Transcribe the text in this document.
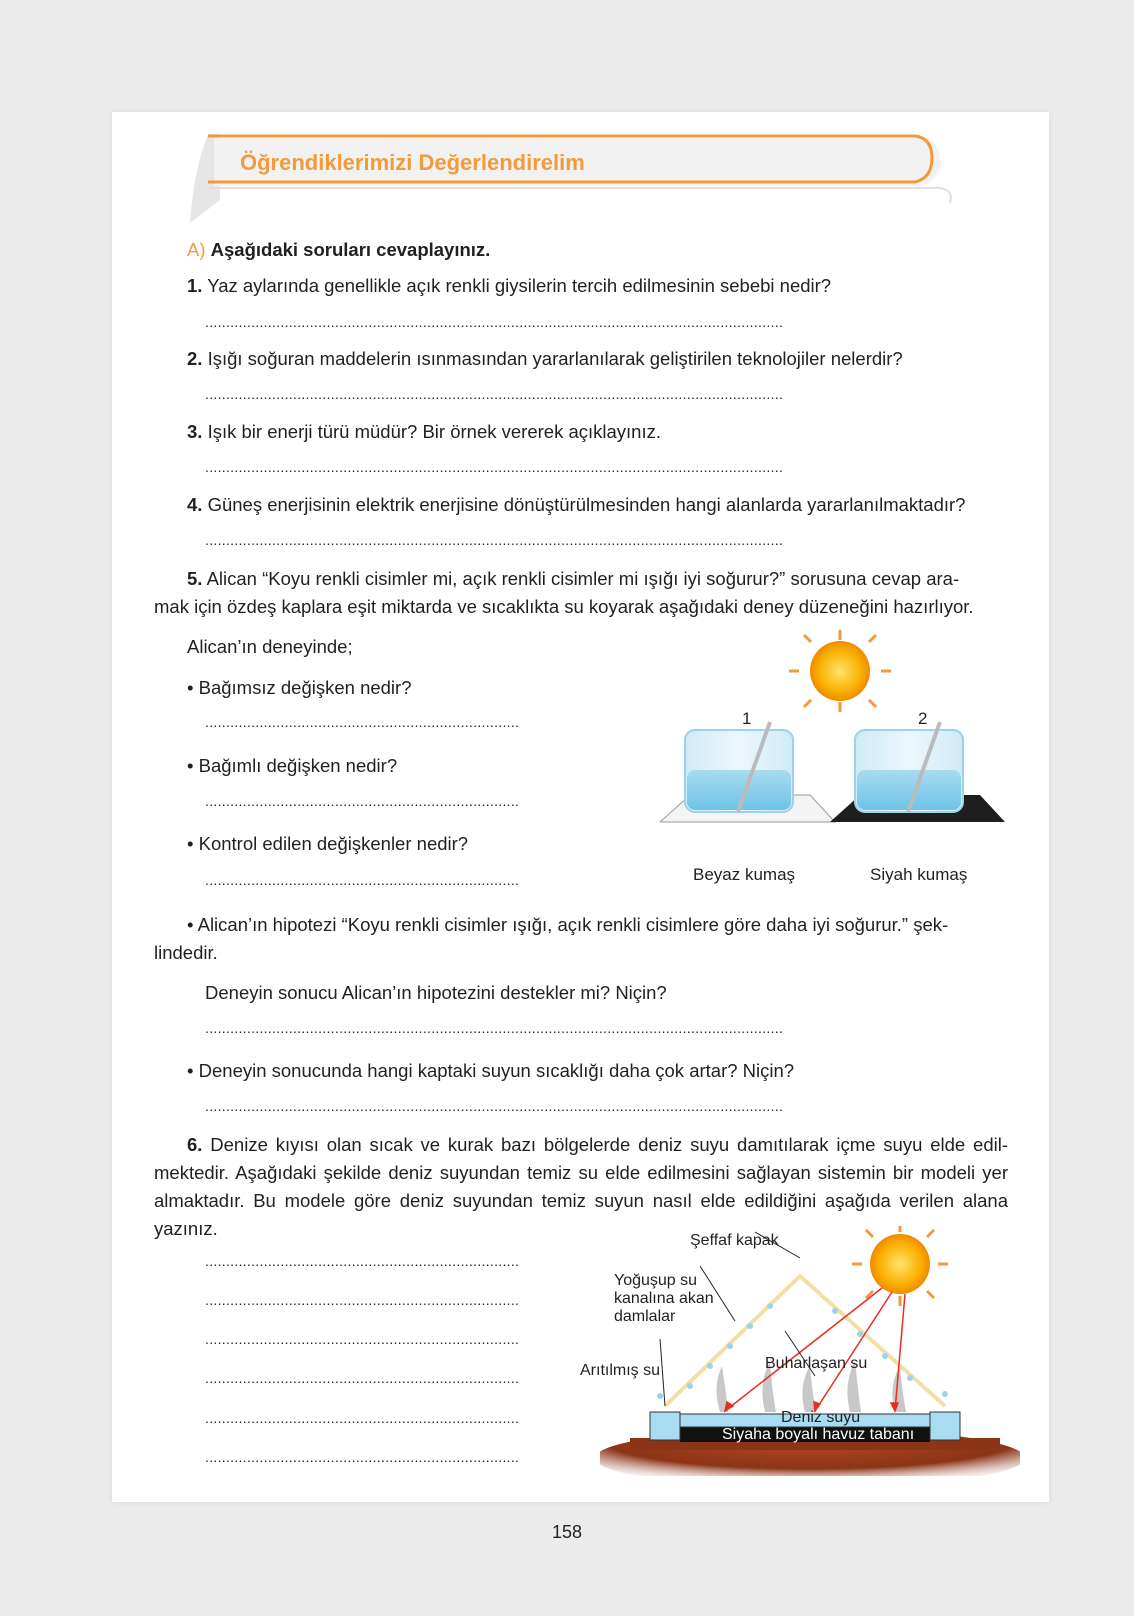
Öğrendiklerimizi Değerlendirelim
A) Aşağıdaki soruları cevaplayınız.
1. Yaz aylarında genellikle açık renkli giysilerin tercih edilmesinin sebebi nedir?
..........................................................................................................................................
2. Işığı soğuran maddelerin ısınmasından yararlanılarak geliştirilen teknolojiler nelerdir?
..........................................................................................................................................
3. Işık bir enerji türü müdür? Bir örnek vererek açıklayınız.
..........................................................................................................................................
4. Güneş enerjisinin elektrik enerjisine dönüştürülmesinden hangi alanlarda yararlanılmaktadır?
..........................................................................................................................................
5. Alican “Koyu renkli cisimler mi, açık renkli cisimler mi ışığı iyi soğurur?” sorusuna cevap ara-
mak için özdeş kaplara eşit miktarda ve sıcaklıkta su koyarak aşağıdaki deney düzeneğini hazırlıyor.
Alican’ın deneyinde;
• Bağımsız değişken nedir?
...........................................................................
• Bağımlı değişken nedir?
...........................................................................
• Kontrol edilen değişkenler nedir?
...........................................................................
1	2
Beyaz kumaş	Siyah kumaş
• Alican’ın hipotezi “Koyu renkli cisimler ışığı, açık renkli cisimlere göre daha iyi soğurur.” şek-
lindedir.
Deneyin sonucu Alican’ın hipotezini destekler mi? Niçin?
..........................................................................................................................................
• Deneyin sonucunda hangi kaptaki suyun sıcaklığı daha çok artar? Niçin?
..........................................................................................................................................
6. Denize kıyısı olan sıcak ve kurak bazı bölgelerde deniz suyu damıtılarak içme suyu elde edil-mektedir. Aşağıdaki şekilde deniz suyundan temiz su elde edilmesini sağlayan sistemin bir modeli yer almaktadır. Bu modele göre deniz suyundan temiz suyun nasıl elde edildiğini aşağıda verilen alana yazınız.
...........................................................................
...........................................................................
...........................................................................
...........................................................................
...........................................................................
...........................................................................
Şeffaf kapak
Yoğuşup su
kanalına akan
damlalar
Arıtılmış su	Buharlaşan su
Deniz suyu
Siyaha boyalı havuz tabanı
158
